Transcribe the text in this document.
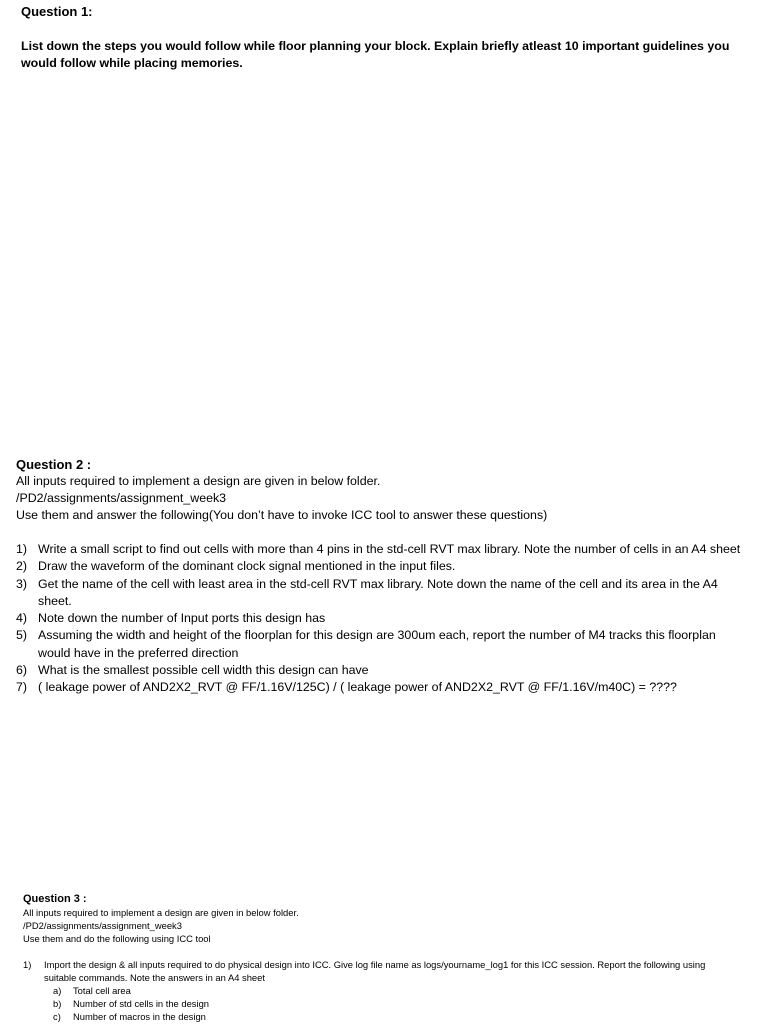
Question 1:
List down the steps you would follow while floor planning your block. Explain briefly atleast 10 important guidelines you would follow while placing memories.
Question 2 :
All inputs required to implement a design are given in below folder.
/PD2/assignments/assignment_week3
Use them and answer the following(You don’t have to invoke ICC tool to answer these questions)
1) Write a small script to find out cells with more than 4 pins in the std-cell RVT max library. Note the number of cells in an A4 sheet
2) Draw the waveform of the dominant clock signal mentioned in the input files.
3) Get the name of the cell with least area in the std-cell RVT max library. Note down the name of the cell and its area in the A4 sheet.
4) Note down the number of Input ports this design has
5) Assuming the width and height of the floorplan for this design are 300um each, report the number of M4 tracks this floorplan would have in the preferred direction
6) What is the smallest possible cell width this design can have
7) ( leakage power of AND2X2_RVT @ FF/1.16V/125C) / ( leakage power of AND2X2_RVT @ FF/1.16V/m40C) = ????
Question 3 :
All inputs required to implement a design are given in below folder.
/PD2/assignments/assignment_week3
Use them and do the following using ICC tool
1)	Import the design & all inputs required to do physical design into ICC. Give log file name as logs/yourname_log1 for this ICC session. Report the following using suitable commands. Note the answers in an A4 sheet
a)	Total cell area
b)	Number of std cells in the design
c)	Number of macros in the design
